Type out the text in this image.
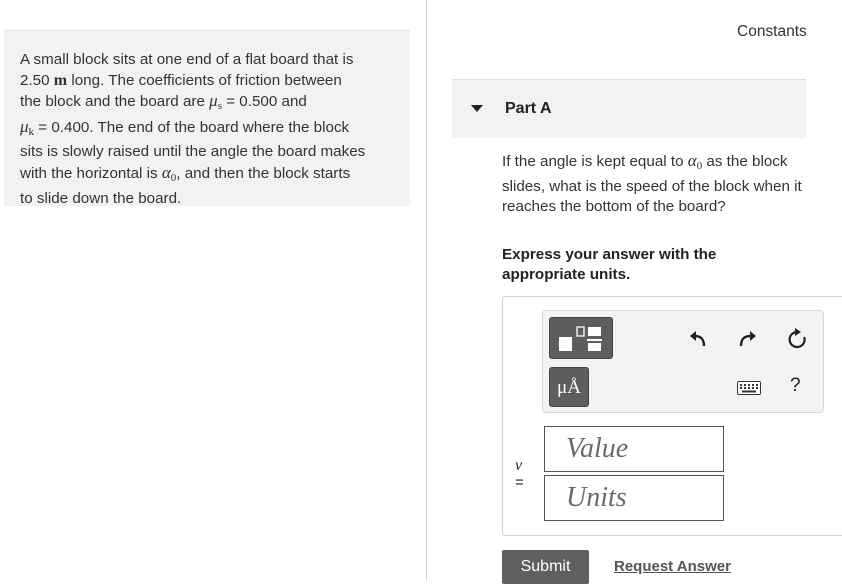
A small block sits at one end of a flat board that is
2.50 m long. The coefficients of friction between
the block and the board are μs = 0.500 and
μk = 0.400. The end of the board where the block
sits is slowly raised until the angle the board makes
with the horizontal is α0, and then the block starts
to slide down the board.
Constants
Part A
If the angle is kept equal to α0 as the block slides, what is the speed of the block when it reaches the bottom of the board?
Express your answer with the appropriate units.
μÅ	?
v
=
Value
Units
Submit	Request Answer
